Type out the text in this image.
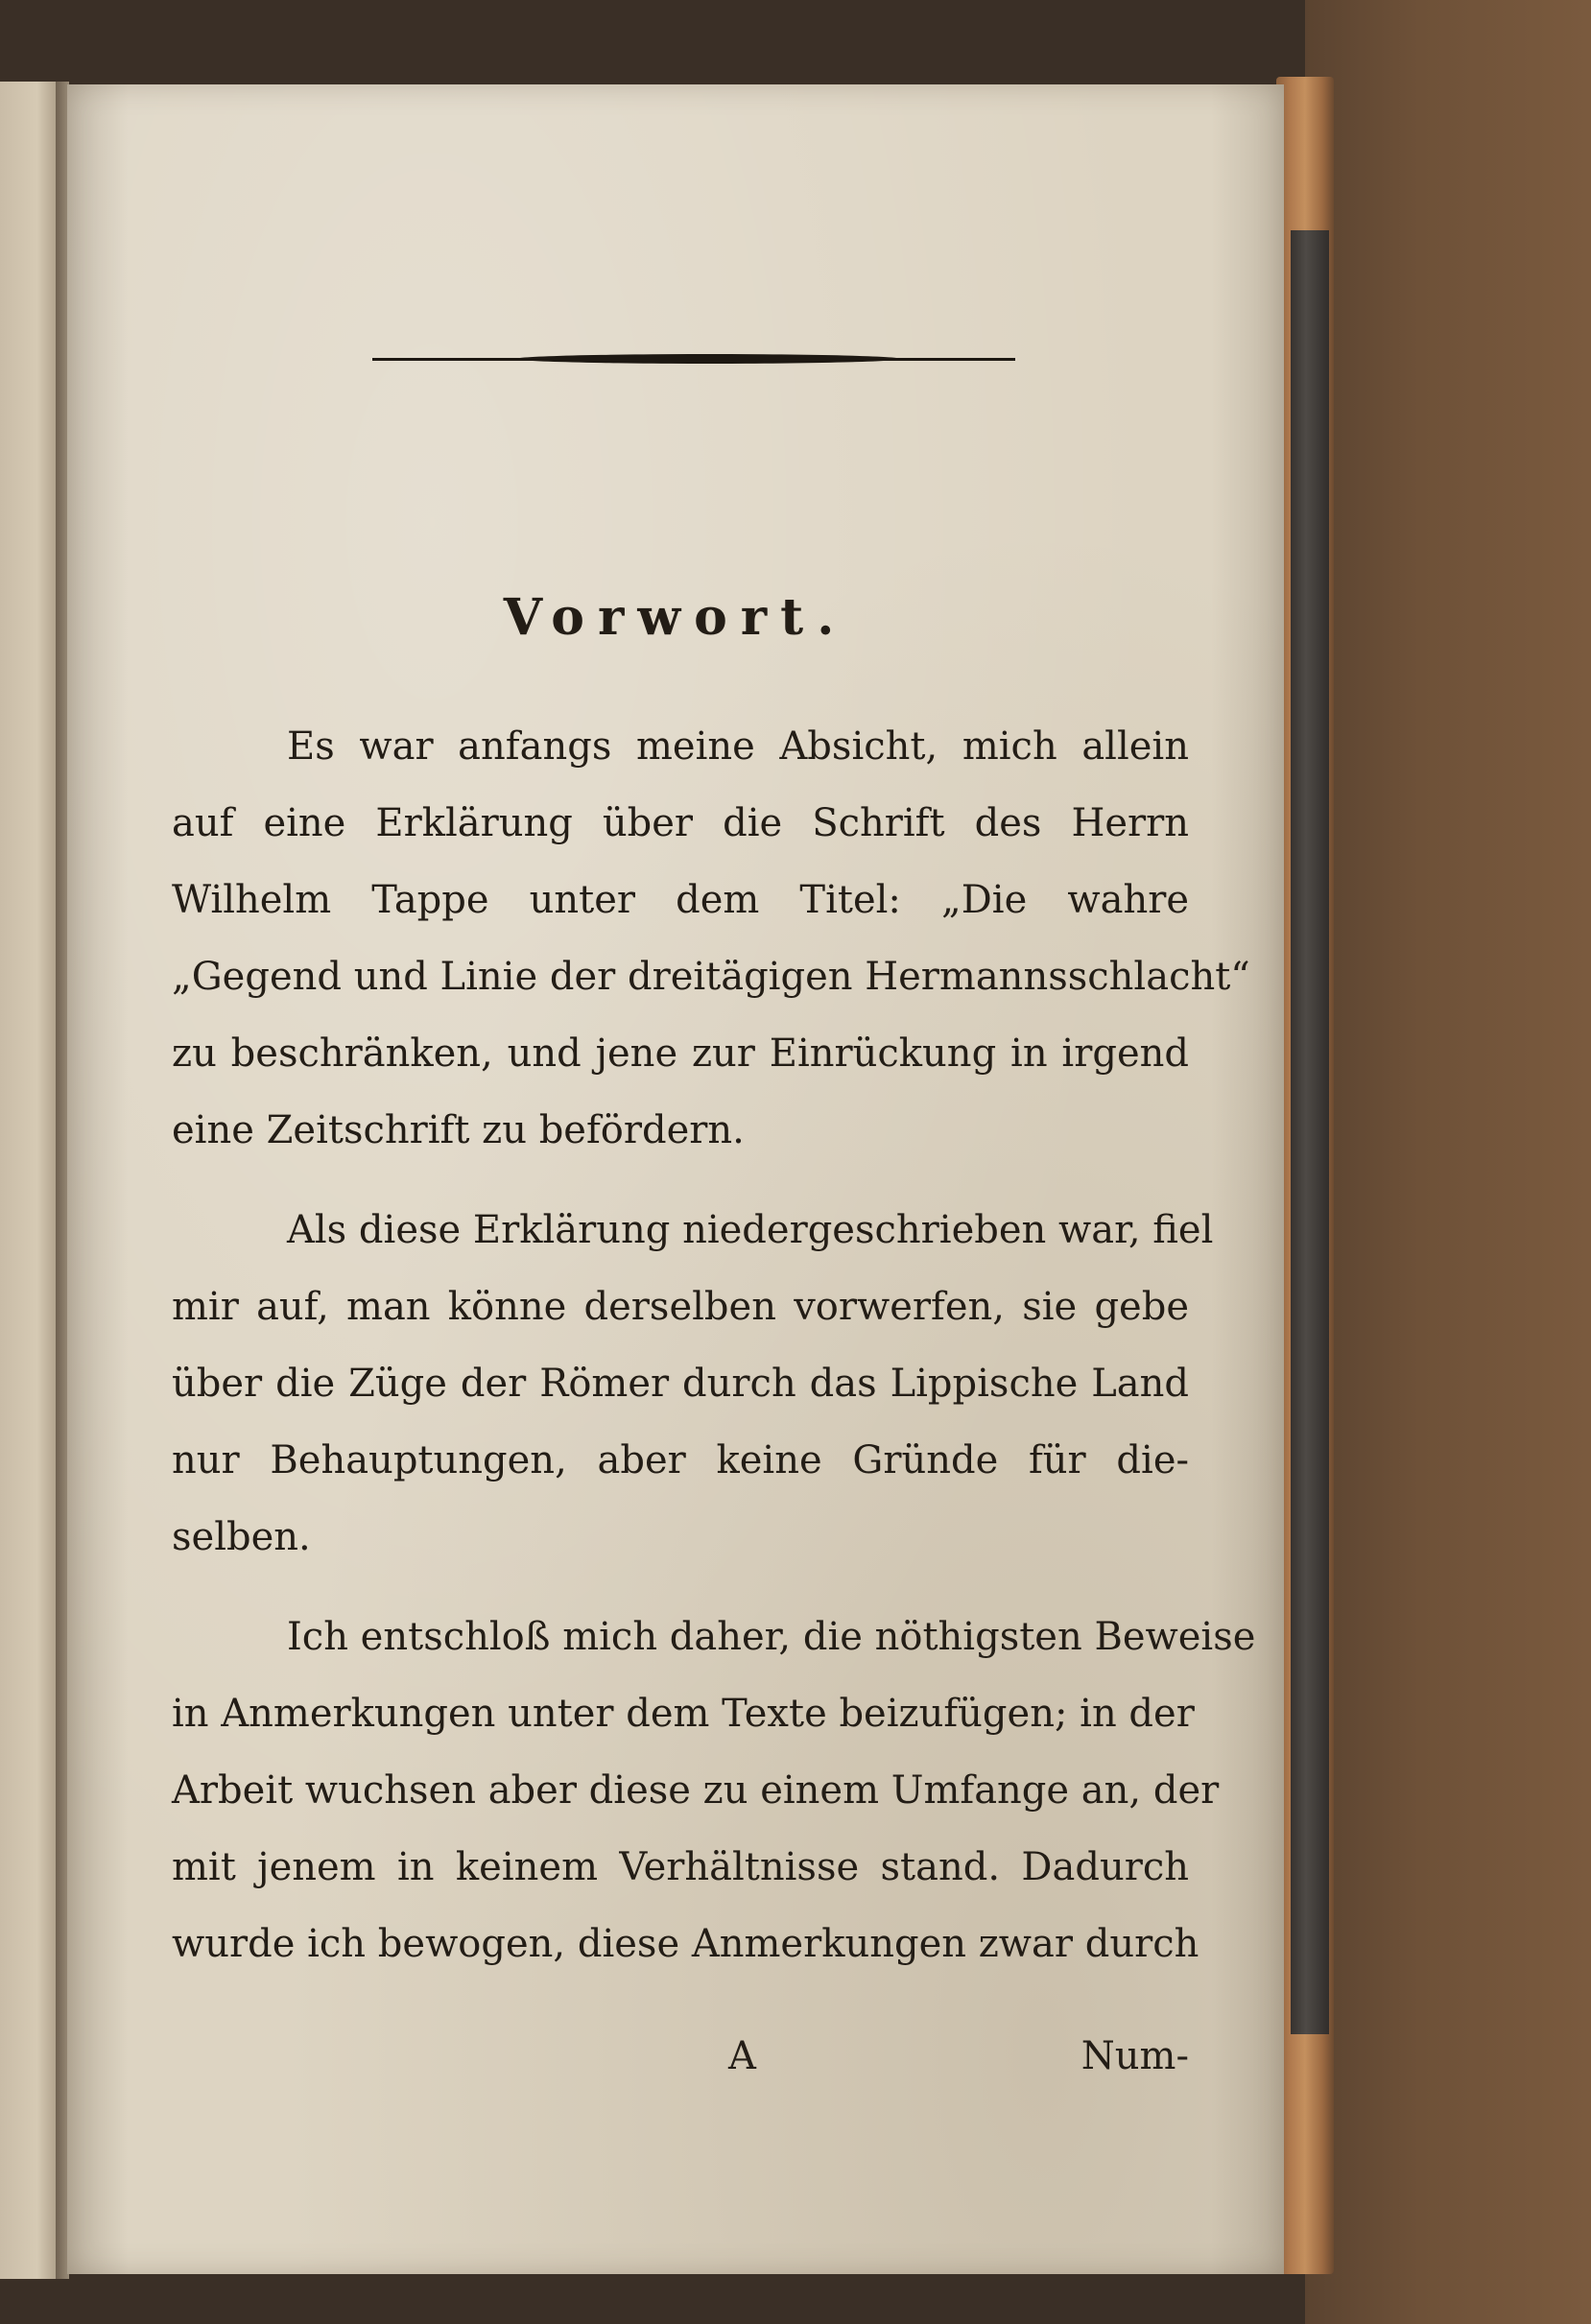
Vorwort.
Es war anfangs meine Absicht, mich allein
auf eine Erklärung über die Schrift des Herrn
Wilhelm Tappe unter dem Titel: „Die wahre
„Gegend und Linie der dreitägigen Hermannsschlacht“
zu beschränken, und jene zur Einrückung in irgend
eine Zeitschrift zu befördern.
Als diese Erklärung niedergeschrieben war, fiel
mir auf, man könne derselben vorwerfen, sie gebe
über die Züge der Römer durch das Lippische Land
nur Behauptungen, aber keine Gründe für die-
selben.
Ich entschloß mich daher, die nöthigsten Beweise
in Anmerkungen unter dem Texte beizufügen; in der
Arbeit wuchsen aber diese zu einem Umfange an, der
mit jenem in keinem Verhältnisse stand. Dadurch
wurde ich bewogen, diese Anmerkungen zwar durch
A	Num-
